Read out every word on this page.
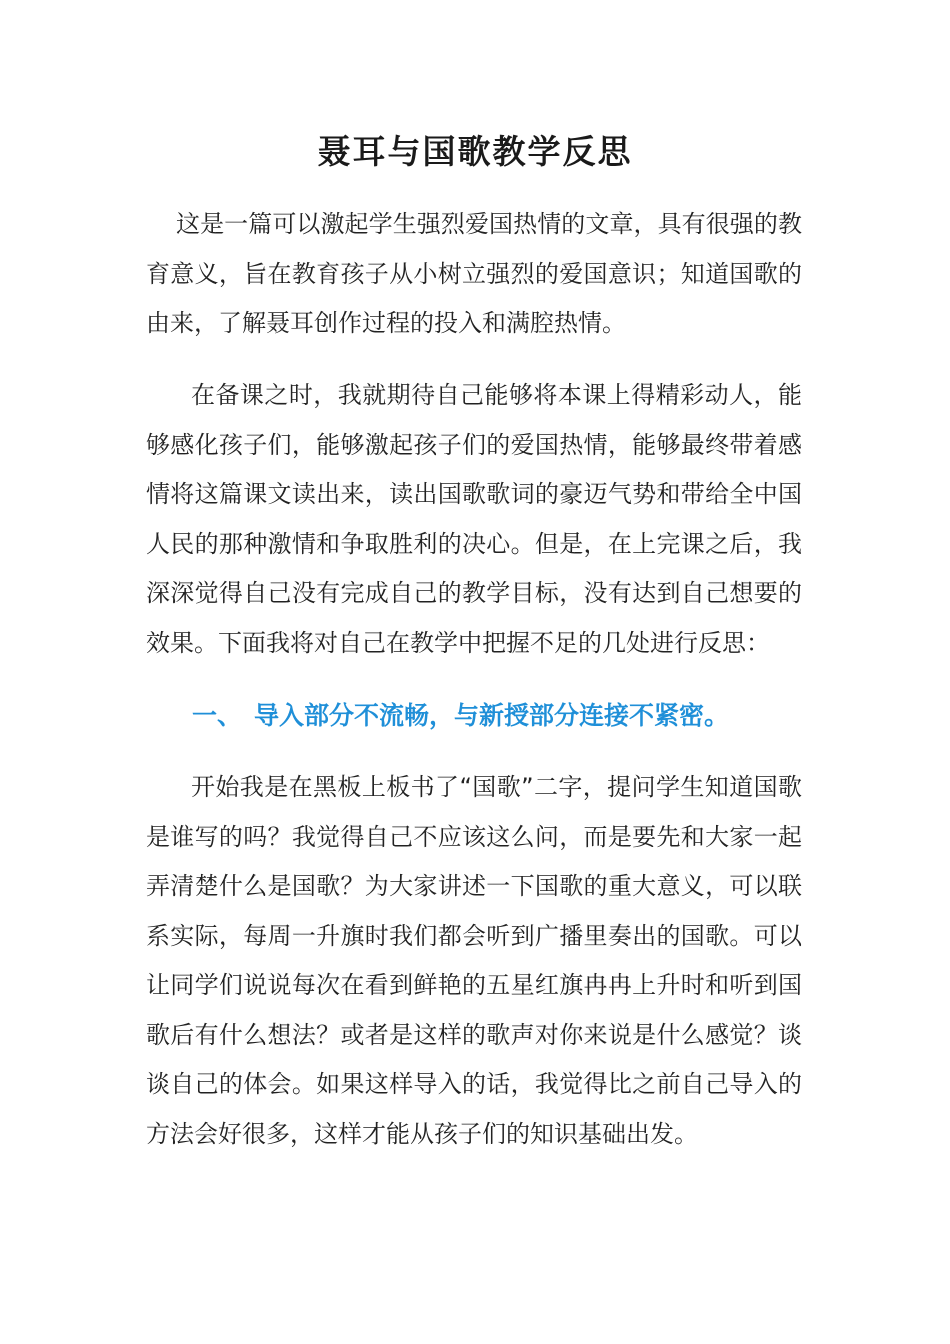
聂耳与国歌教学反思

这是一篇可以激起学生强烈爱国热情的文章，具有很强的教育意义，旨在教育孩子从小树立强烈的爱国意识；知道国歌的由来，了解聂耳创作过程的投入和满腔热情。

在备课之时，我就期待自己能够将本课上得精彩动人，能够感化孩子们，能够激起孩子们的爱国热情，能够最终带着感情将这篇课文读出来，读出国歌歌词的豪迈气势和带给全中国人民的那种激情和争取胜利的决心。但是，在上完课之后，我深深觉得自己没有完成自己的教学目标，没有达到自己想要的效果。下面我将对自己在教学中把握不足的几处进行反思：

一、 导入部分不流畅，与新授部分连接不紧密。

开始我是在黑板上板书了“国歌”二字，提问学生知道国歌是谁写的吗？我觉得自己不应该这么问，而是要先和大家一起弄清楚什么是国歌？为大家讲述一下国歌的重大意义，可以联系实际，每周一升旗时我们都会听到广播里奏出的国歌。可以让同学们说说每次在看到鲜艳的五星红旗冉冉上升时和听到国歌后有什么想法？或者是这样的歌声对你来说是什么感觉？谈谈自己的体会。如果这样导入的话，我觉得比之前自己导入的方法会好很多，这样才能从孩子们的知识基础出发。
